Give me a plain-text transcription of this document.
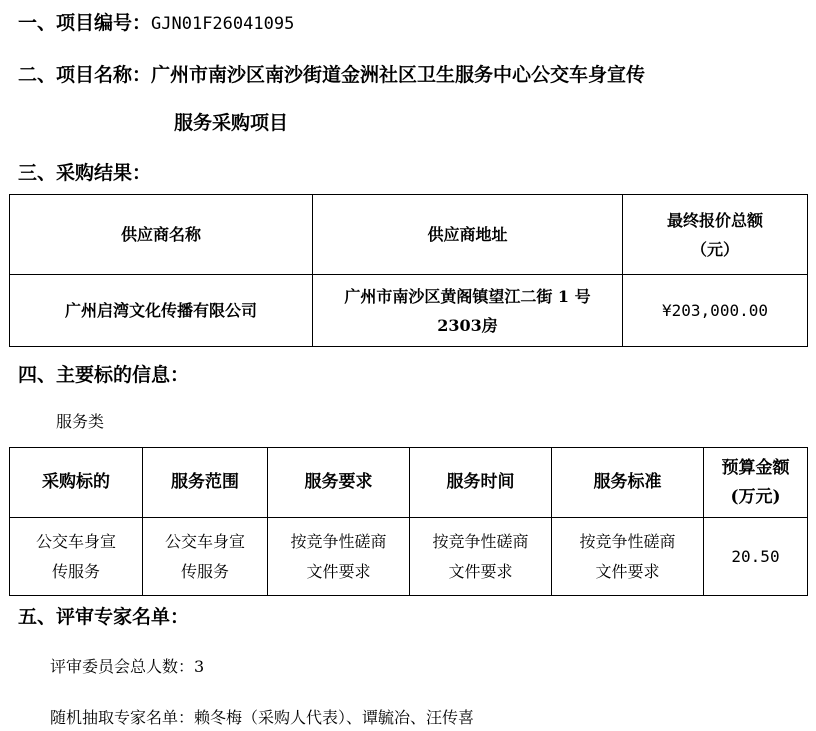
一、项目编号：GJN01F26041095
二、项目名称：广州市南沙区南沙街道金洲社区卫生服务中心公交车身宣传
服务采购项目
三、采购结果：
供应商名称	供应商地址	最终报价总额
（元）
广州启湾文化传播有限公司	广州市南沙区黄阁镇望江二街 1 号
2303房	¥203,000.00
四、主要标的信息：
服务类
采购标的	服务范围	服务要求	服务时间	服务标准	预算金额
(万元)
公交车身宣
传服务	公交车身宣
传服务	按竞争性磋商
文件要求	按竞争性磋商
文件要求	按竞争性磋商
文件要求	20.50
五、评审专家名单：
评审委员会总人数：3
随机抽取专家名单：赖冬梅（采购人代表）、谭毓冶、汪传喜
